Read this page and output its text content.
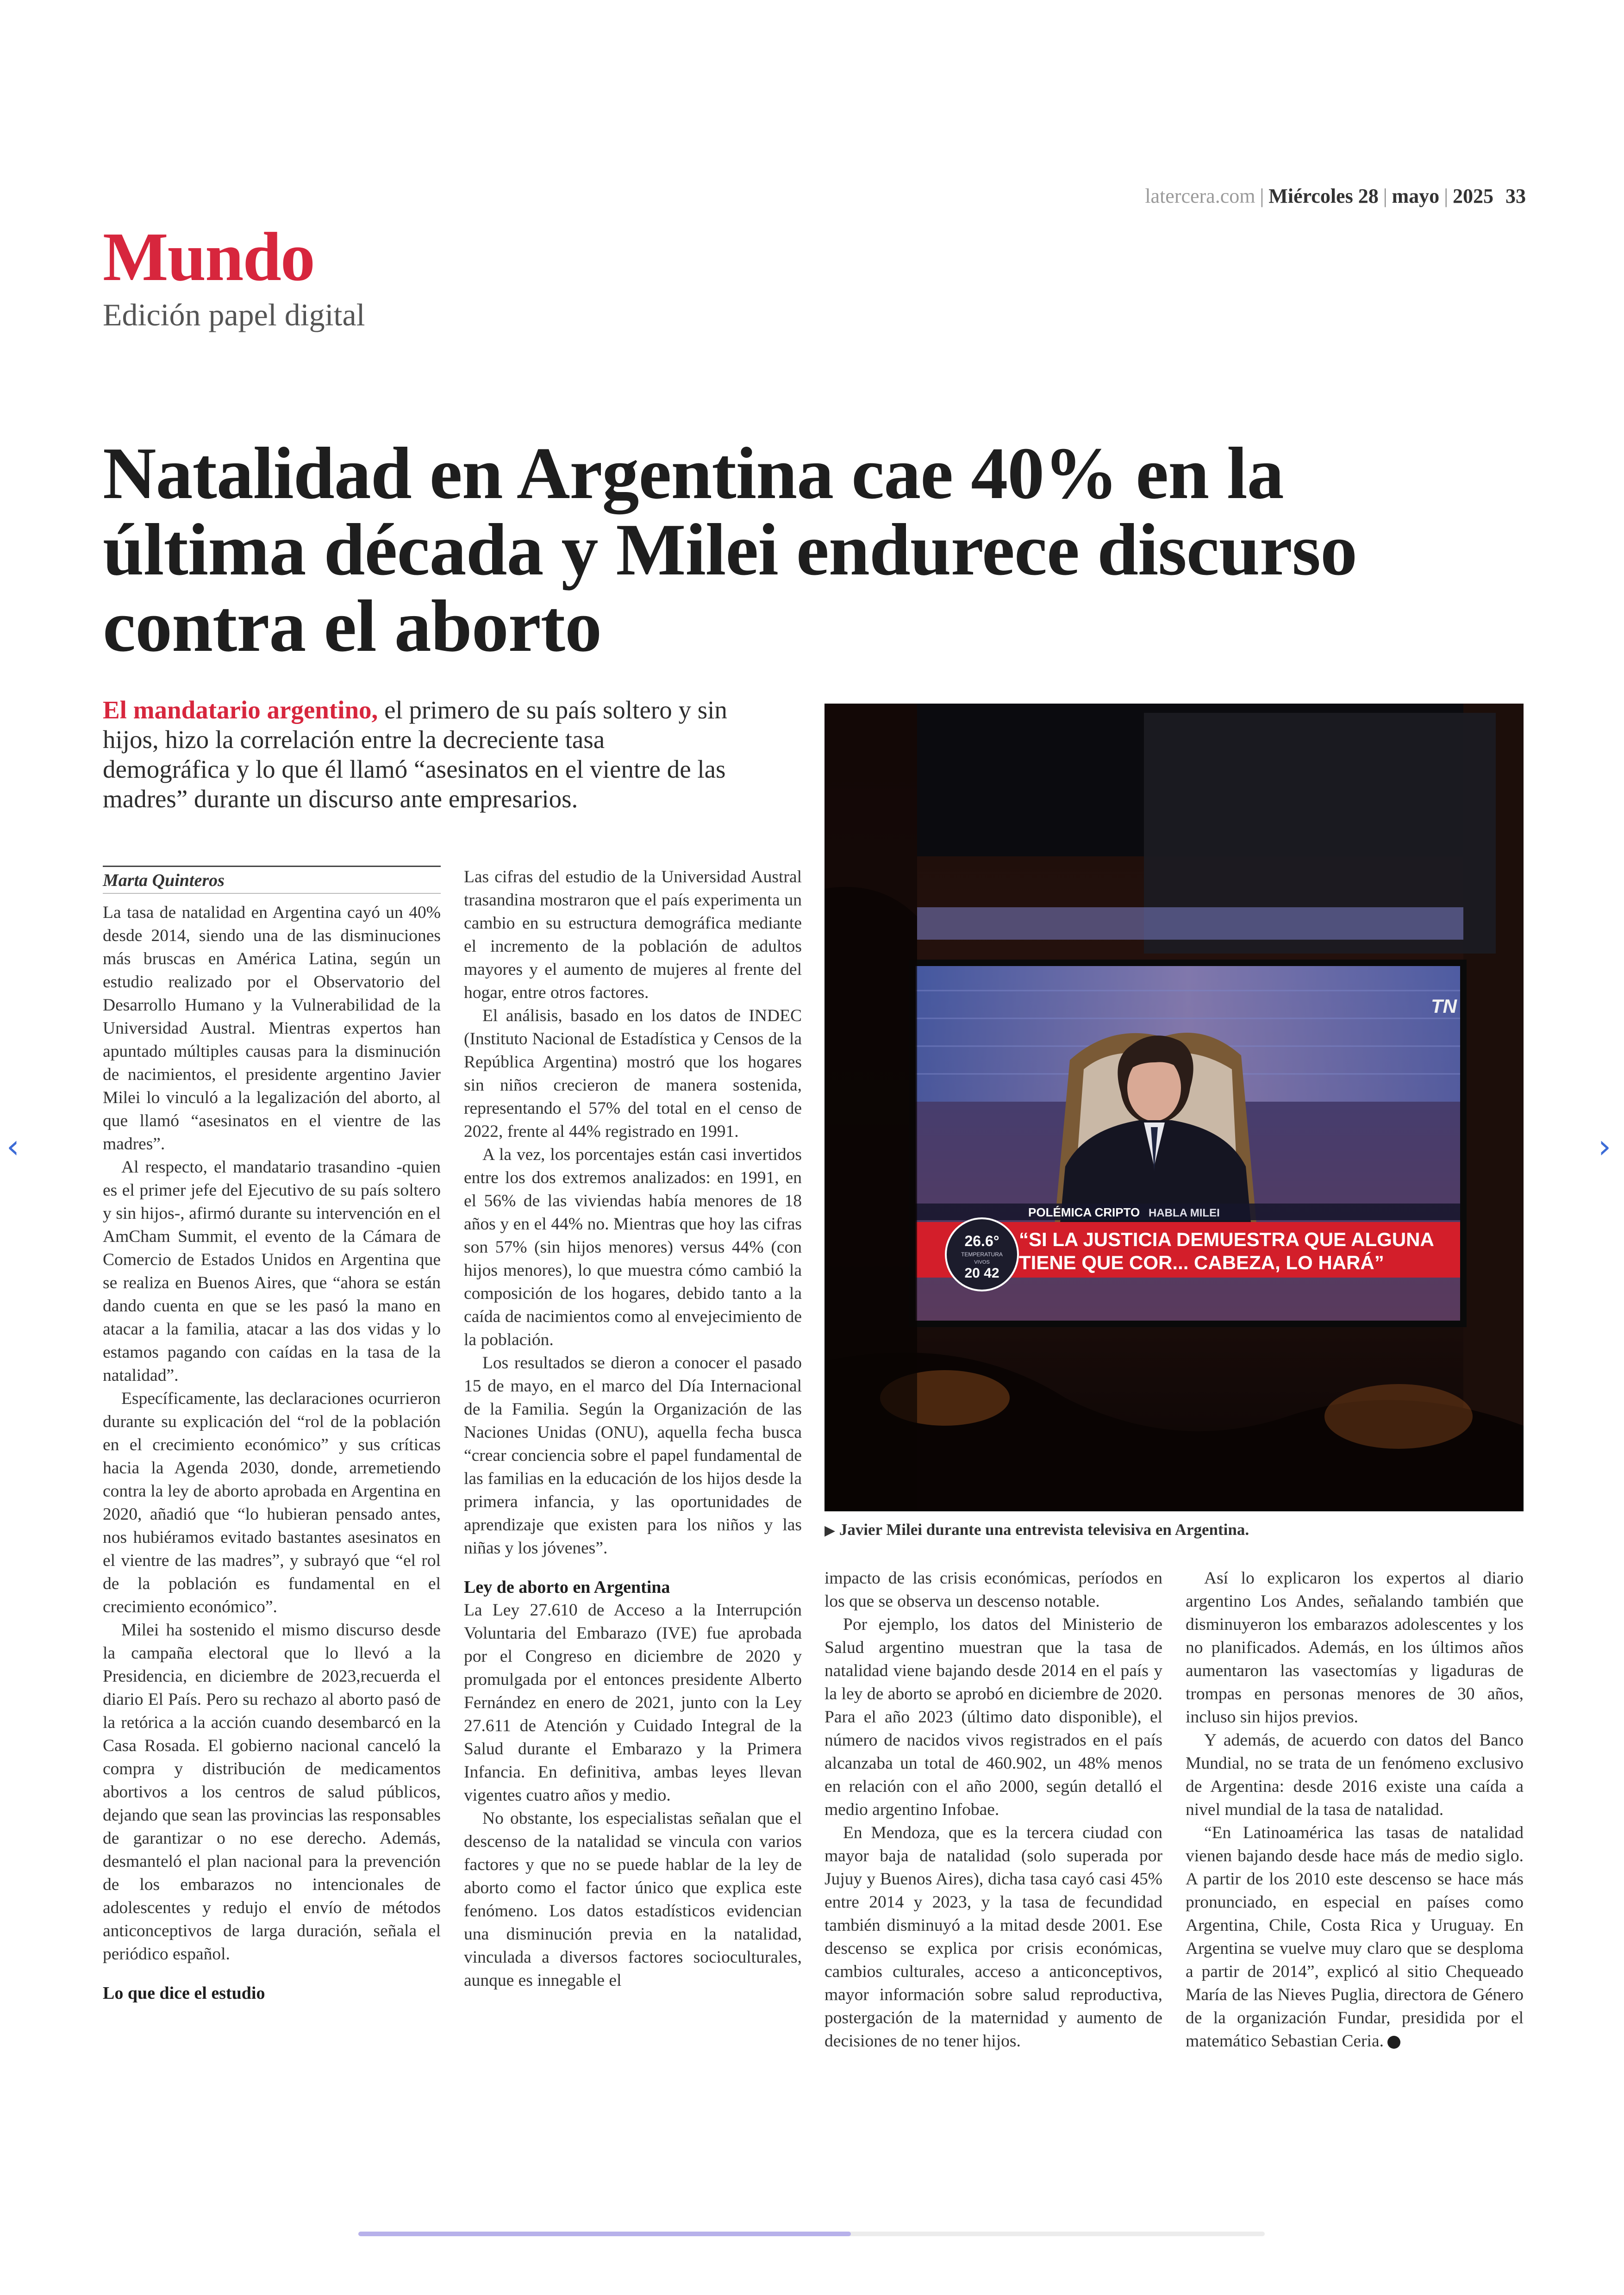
latercera.com | Miércoles 28 | mayo | 2025 33
Mundo
Edición papel digital
Natalidad en Argentina cae 40% en la última década y Milei endurece discurso contra el aborto
El mandatario argentino, el primero de su país soltero y sin hijos, hizo la correlación entre la decreciente tasa demográfica y lo que él llamó “asesinatos en el vientre de las madres” durante un discurso ante empresarios.
TN
POLÉMICA CRIPTO HABLA MILEI
“SI LA JUSTICIA DEMUESTRA QUE ALGUNA
TIENE QUE COR... CABEZA, LO HARÁ”
26.6°
TEMPERATURA
VIVOS
20 42
▶ Javier Milei durante una entrevista televisiva en Argentina.
‹	›
Marta Quinteros

La tasa de natalidad en Argentina cayó un 40% desde 2014, siendo una de las disminuciones más bruscas en América Latina, según un estudio realizado por el Observatorio del Desarrollo Humano y la Vulnerabilidad de la Universidad Austral. Mientras expertos han apuntado múltiples causas para la disminución de nacimientos, el presidente argentino Javier Milei lo vinculó a la legalización del aborto, al que llamó “asesinatos en el vientre de las madres”.

Al respecto, el mandatario trasandino -quien es el primer jefe del Ejecutivo de su país soltero y sin hijos-, afirmó durante su intervención en el AmCham Summit, el evento de la Cámara de Comercio de Estados Unidos en Argentina que se realiza en Buenos Aires, que “ahora se están dando cuenta en que se les pasó la mano en atacar a la familia, atacar a las dos vidas y lo estamos pagando con caídas en la tasa de la natalidad”.

Específicamente, las declaraciones ocurrieron durante su explicación del “rol de la población en el crecimiento económico” y sus críticas hacia la Agenda 2030, donde, arremetiendo contra la ley de aborto aprobada en Argentina en 2020, añadió que “lo hubieran pensado antes, nos hubiéramos evitado bastantes asesinatos en el vientre de las madres”, y subrayó que “el rol de la población es fundamental en el crecimiento económico”.

Milei ha sostenido el mismo discurso desde la campaña electoral que lo llevó a la Presidencia, en diciembre de 2023,recuerda el diario El País. Pero su rechazo al aborto pasó de la retórica a la acción cuando desembarcó en la Casa Rosada. El gobierno nacional canceló la compra y distribución de medicamentos abortivos a los centros de salud públicos, dejando que sean las provincias las responsables de garantizar o no ese derecho. Además, desmanteló el plan nacional para la prevención de los embarazos no intencionales de adolescentes y redujo el envío de métodos anticonceptivos de larga duración, señala el periódico español.

Lo que dice el estudio

Las cifras del estudio de la Universidad Austral trasandina mostraron que el país experimenta un cambio en su estructura demográfica mediante el incremento de la población de adultos mayores y el aumento de mujeres al frente del hogar, entre otros factores.

El análisis, basado en los datos de INDEC (Instituto Nacional de Estadística y Censos de la República Argentina) mostró que los hogares sin niños crecieron de manera sostenida, representando el 57% del total en el censo de 2022, frente al 44% registrado en 1991.

A la vez, los porcentajes están casi invertidos entre los dos extremos analizados: en 1991, en el 56% de las viviendas había menores de 18 años y en el 44% no. Mientras que hoy las cifras son 57% (sin hijos menores) versus 44% (con hijos menores), lo que muestra cómo cambió la composición de los hogares, debido tanto a la caída de nacimientos como al envejecimiento de la población.

Los resultados se dieron a conocer el pasado 15 de mayo, en el marco del Día Internacional de la Familia. Según la Organización de las Naciones Unidas (ONU), aquella fecha busca “crear conciencia sobre el papel fundamental de las familias en la educación de los hijos desde la primera infancia, y las oportunidades de aprendizaje que existen para los niños y las niñas y los jóvenes”.

Ley de aborto en Argentina

La Ley 27.610 de Acceso a la Interrupción Voluntaria del Embarazo (IVE) fue aprobada por el Congreso en diciembre de 2020 y promulgada por el entonces presidente Alberto Fernández en enero de 2021, junto con la Ley 27.611 de Atención y Cuidado Integral de la Salud durante el Embarazo y la Primera Infancia. En definitiva, ambas leyes llevan vigentes cuatro años y medio.

No obstante, los especialistas señalan que el descenso de la natalidad se vincula con varios factores y que no se puede hablar de la ley de aborto como el factor único que explica este fenómeno. Los datos estadísticos evidencian una disminución previa en la natalidad, vinculada a diversos factores socioculturales, aunque es innegable el

impacto de las crisis económicas, períodos en los que se observa un descenso notable.

Por ejemplo, los datos del Ministerio de Salud argentino muestran que la tasa de natalidad viene bajando desde 2014 en el país y la ley de aborto se aprobó en diciembre de 2020. Para el año 2023 (último dato disponible), el número de nacidos vivos registrados en el país alcanzaba un total de 460.902, un 48% menos en relación con el año 2000, según detalló el medio argentino Infobae.

En Mendoza, que es la tercera ciudad con mayor baja de natalidad (solo superada por Jujuy y Buenos Aires), dicha tasa cayó casi 45% entre 2014 y 2023, y la tasa de fecundidad también disminuyó a la mitad desde 2001. Ese descenso se explica por crisis económicas, cambios culturales, acceso a anticonceptivos, mayor información sobre salud reproductiva, postergación de la maternidad y aumento de decisiones de no tener hijos.

Así lo explicaron los expertos al diario argentino Los Andes, señalando también que disminuyeron los embarazos adolescentes y los no planificados. Además, en los últimos años aumentaron las vasectomías y ligaduras de trompas en personas menores de 30 años, incluso sin hijos previos.

Y además, de acuerdo con datos del Banco Mundial, no se trata de un fenómeno exclusivo de Argentina: desde 2016 existe una caída a nivel mundial de la tasa de natalidad.

“En Latinoamérica las tasas de natalidad vienen bajando desde hace más de medio siglo. A partir de los 2010 este descenso se hace más pronunciado, en especial en países como Argentina, Chile, Costa Rica y Uruguay. En Argentina se vuelve muy claro que se desploma a partir de 2014”, explicó al sitio Chequeado María de las Nieves Puglia, directora de Género de la organización Fundar, presidida por el matemático Sebastian Ceria.
